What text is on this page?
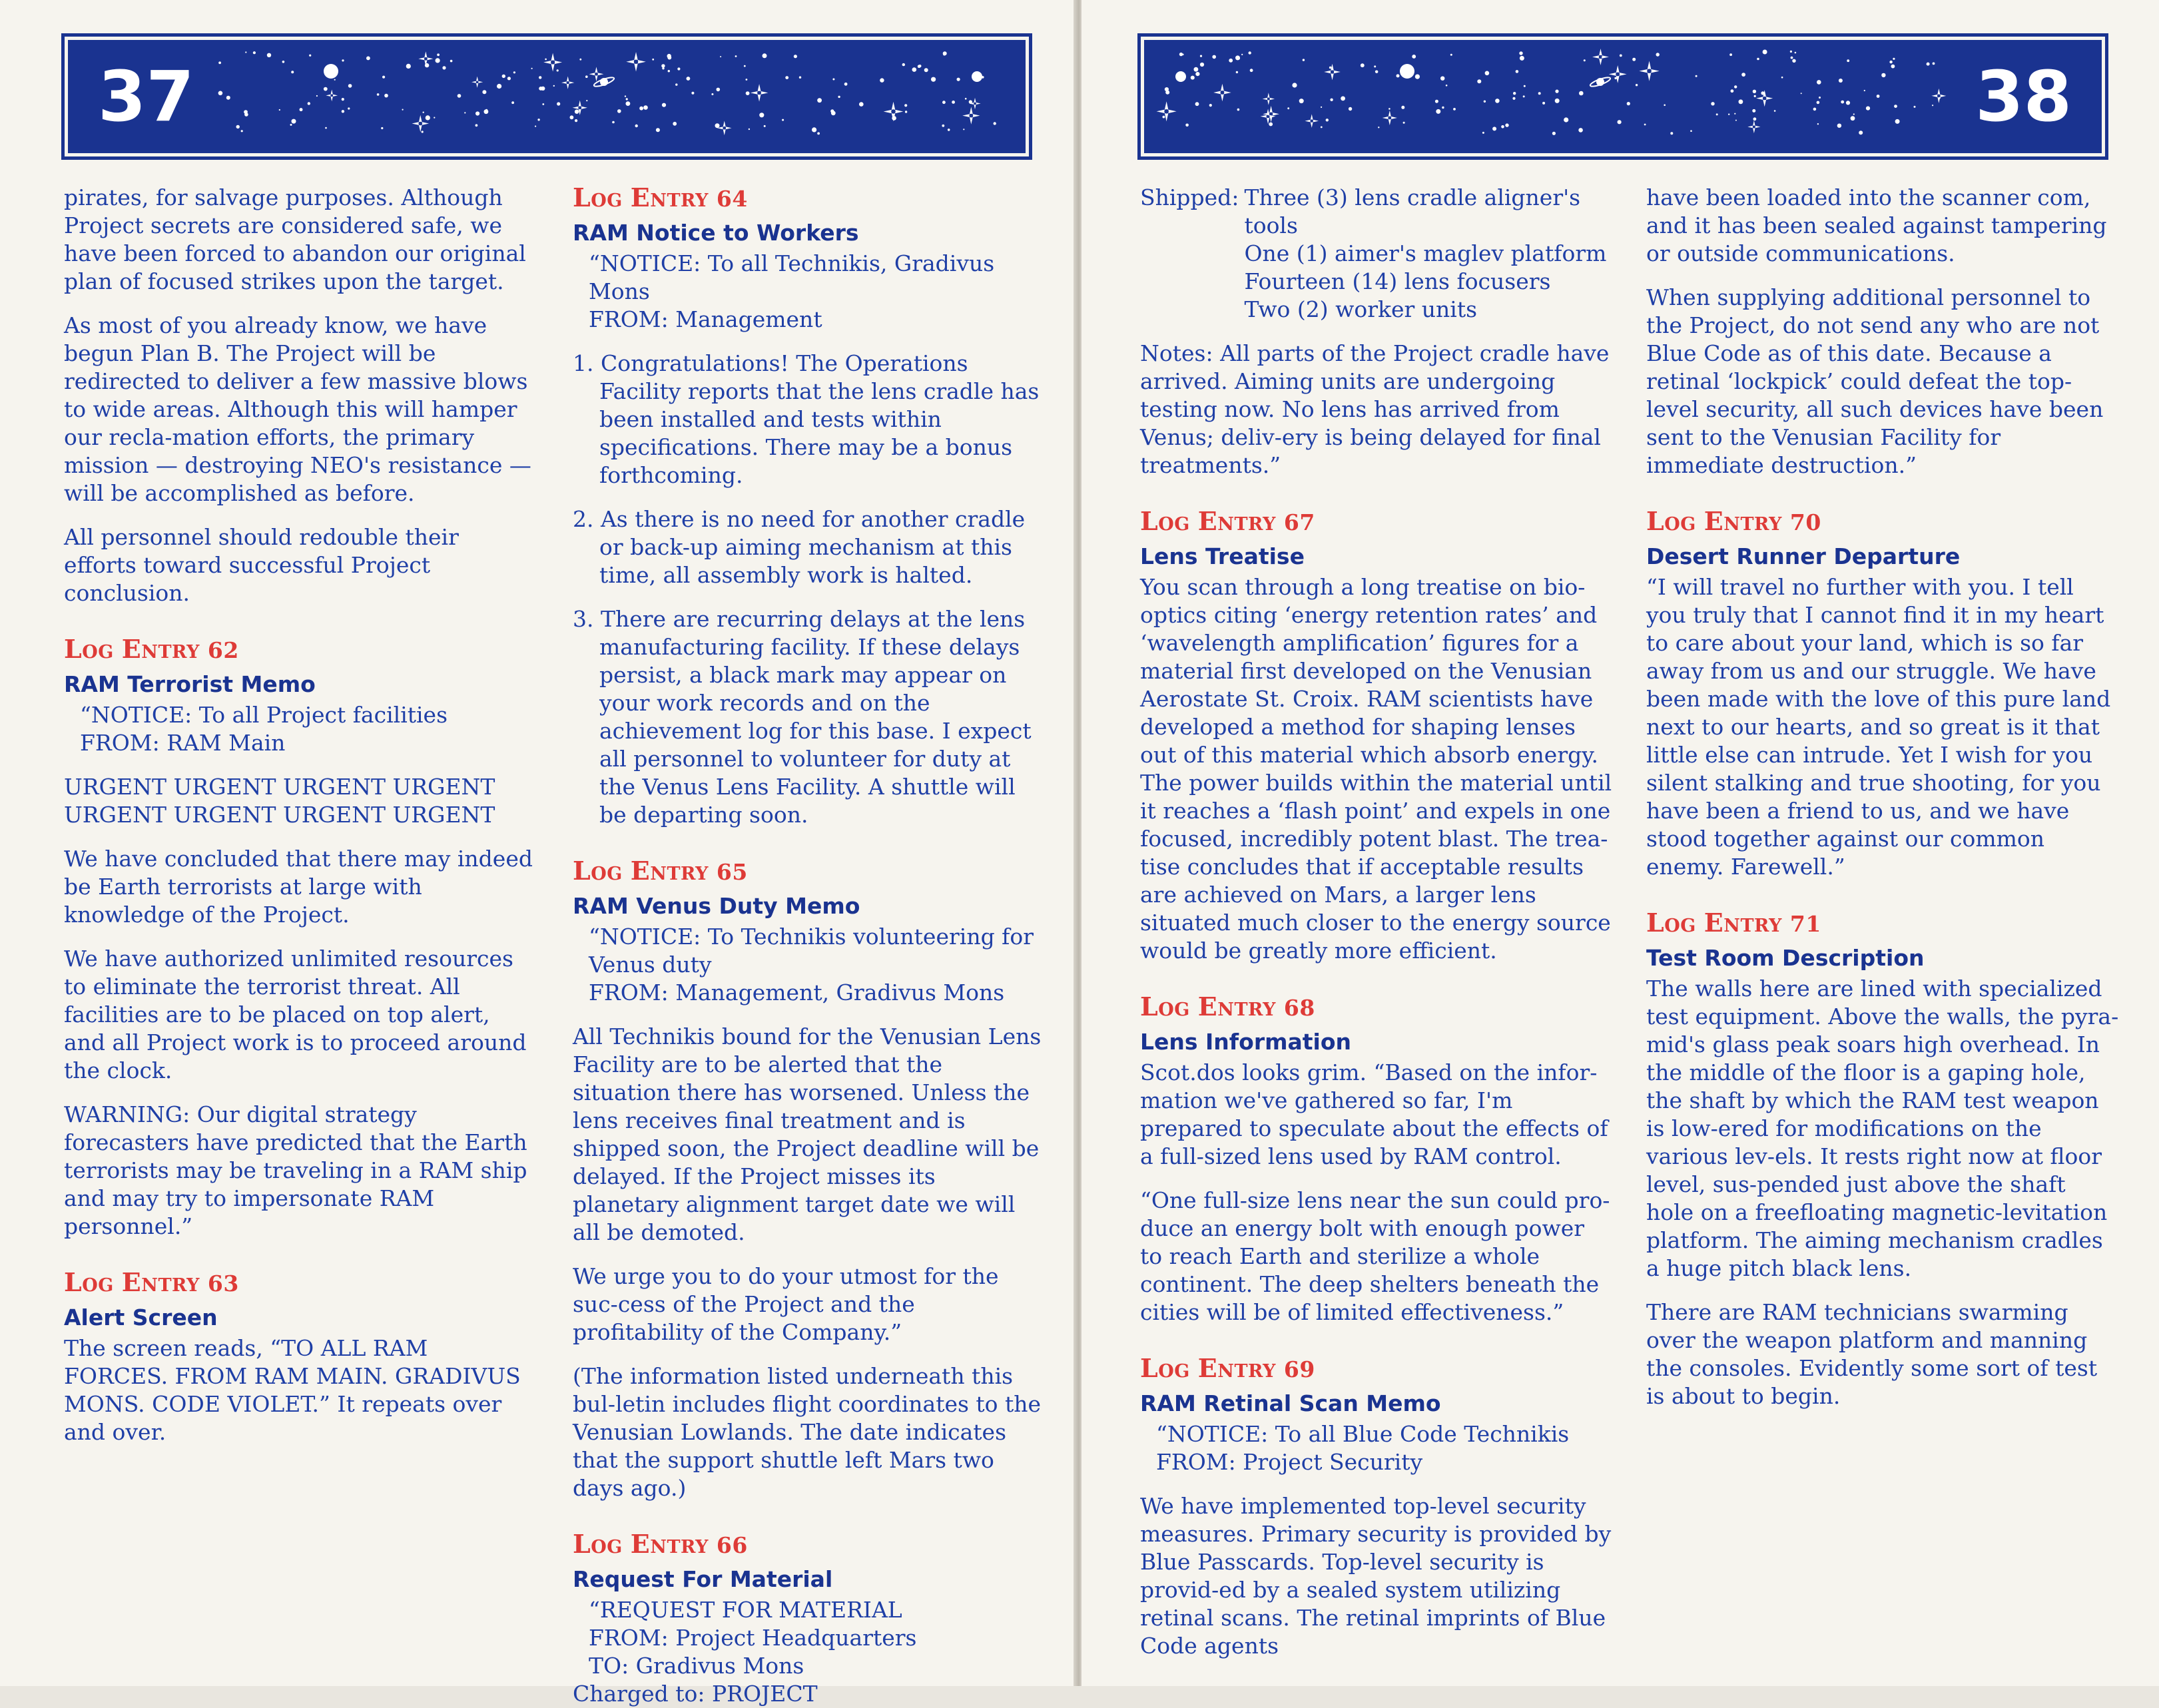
37

pirates, for salvage purposes. Although Project secrets are considered safe, we have been forced to abandon our original plan of focused strikes upon the target.

As most of you already know, we have begun Plan B. The Project will be redirected to deliver a few massive blows to wide areas. Although this will hamper our recla-mation efforts, the primary mission — destroying NEO's resistance — will be accomplished as before.

All personnel should redouble their efforts toward successful Project conclusion.

LOG ENTRY 62
RAM Terrorist Memo
“NOTICE: To all Project facilities

FROM: RAM Main

URGENT URGENT URGENT URGENT

URGENT URGENT URGENT URGENT

We have concluded that there may indeed be Earth terrorists at large with knowledge of the Project.

We have authorized unlimited resources to eliminate the terrorist threat. All facilities are to be placed on top alert, and all Project work is to proceed around the clock.

WARNING: Our digital strategy forecasters have predicted that the Earth terrorists may be traveling in a RAM ship and may try to impersonate RAM personnel.”

LOG ENTRY 63
Alert Screen

The screen reads, “TO ALL RAM FORCES. FROM RAM MAIN. GRADIVUS MONS. CODE VIOLET.” It repeats over and over.

LOG ENTRY 64
RAM Notice to Workers
“NOTICE: To all Technikis, Gradivus Mons

FROM: Management

1. Congratulations! The Operations Facility reports that the lens cradle has been installed and tests within specifications. There may be a bonus forthcoming.

2. As there is no need for another cradle or back-up aiming mechanism at this time, all assembly work is halted.

3. There are recurring delays at the lens manufacturing facility. If these delays persist, a black mark may appear on your work records and on the achievement log for this base. I expect all personnel to volunteer for duty at the Venus Lens Facility. A shuttle will be departing soon.

LOG ENTRY 65
RAM Venus Duty Memo
“NOTICE: To Technikis volunteering for Venus duty

FROM: Management, Gradivus Mons

All Technikis bound for the Venusian Lens Facility are to be alerted that the situation there has worsened. Unless the lens receives final treatment and is shipped soon, the Project deadline will be delayed. If the Project misses its planetary alignment target date we will all be demoted.

We urge you to do your utmost for the suc-cess of the Project and the profitability of the Company.”

(The information listed underneath this bul-letin includes flight coordinates to the Venusian Lowlands. The date indicates that the support shuttle left Mars two days ago.)

LOG ENTRY 66
Request For Material
“REQUEST FOR MATERIAL
FROM: Project Headquarters
TO: Gradivus Mons
Charged to: PROJECT
38
Shipped: Three (3) lens cradle aligner's tools
One (1) aimer's maglev platform
Fourteen (14) lens focusers
Two (2) worker units

Notes: All parts of the Project cradle have arrived. Aiming units are undergoing testing now. No lens has arrived from Venus; deliv-ery is being delayed for final treatments.”

LOG ENTRY 67
Lens Treatise

You scan through a long treatise on bio-optics citing ‘energy retention rates’ and ‘wavelength amplification’ figures for a material first developed on the Venusian Aerostate St. Croix. RAM scientists have developed a method for shaping lenses out of this material which absorb energy. The power builds within the material until it reaches a ‘flash point’ and expels in one focused, incredibly potent blast. The trea-tise concludes that if acceptable results are achieved on Mars, a larger lens situated much closer to the energy source would be greatly more efficient.

LOG ENTRY 68
Lens Information

Scot.dos looks grim. “Based on the infor-mation we've gathered so far, I'm prepared to speculate about the effects of a full-sized lens used by RAM control.

“One full-size lens near the sun could pro-duce an energy bolt with enough power to reach Earth and sterilize a whole continent. The deep shelters beneath the cities will be of limited effectiveness.”

LOG ENTRY 69
RAM Retinal Scan Memo
“NOTICE: To all Blue Code Technikis

FROM: Project Security

We have implemented top-level security measures. Primary security is provided by Blue Passcards. Top-level security is provid-ed by a sealed system utilizing retinal scans. The retinal imprints of Blue Code agents

have been loaded into the scanner com, and it has been sealed against tampering or outside communications.

When supplying additional personnel to the Project, do not send any who are not Blue Code as of this date. Because a retinal ‘lockpick’ could defeat the top-level security, all such devices have been sent to the Venusian Facility for immediate destruction.”

LOG ENTRY 70
Desert Runner Departure

“I will travel no further with you. I tell you truly that I cannot find it in my heart to care about your land, which is so far away from us and our struggle. We have been made with the love of this pure land next to our hearts, and so great is it that little else can intrude. Yet I wish for you silent stalking and true shooting, for you have been a friend to us, and we have stood together against our common enemy. Farewell.”

LOG ENTRY 71
Test Room Description

The walls here are lined with specialized test equipment. Above the walls, the pyra-mid's glass peak soars high overhead. In the middle of the floor is a gaping hole, the shaft by which the RAM test weapon is low-ered for modifications on the various lev-els. It rests right now at floor level, sus-pended just above the shaft hole on a freefloating magnetic-levitation platform. The aiming mechanism cradles a huge pitch black lens.

There are RAM technicians swarming over the weapon platform and manning the consoles. Evidently some sort of test is about to begin.
